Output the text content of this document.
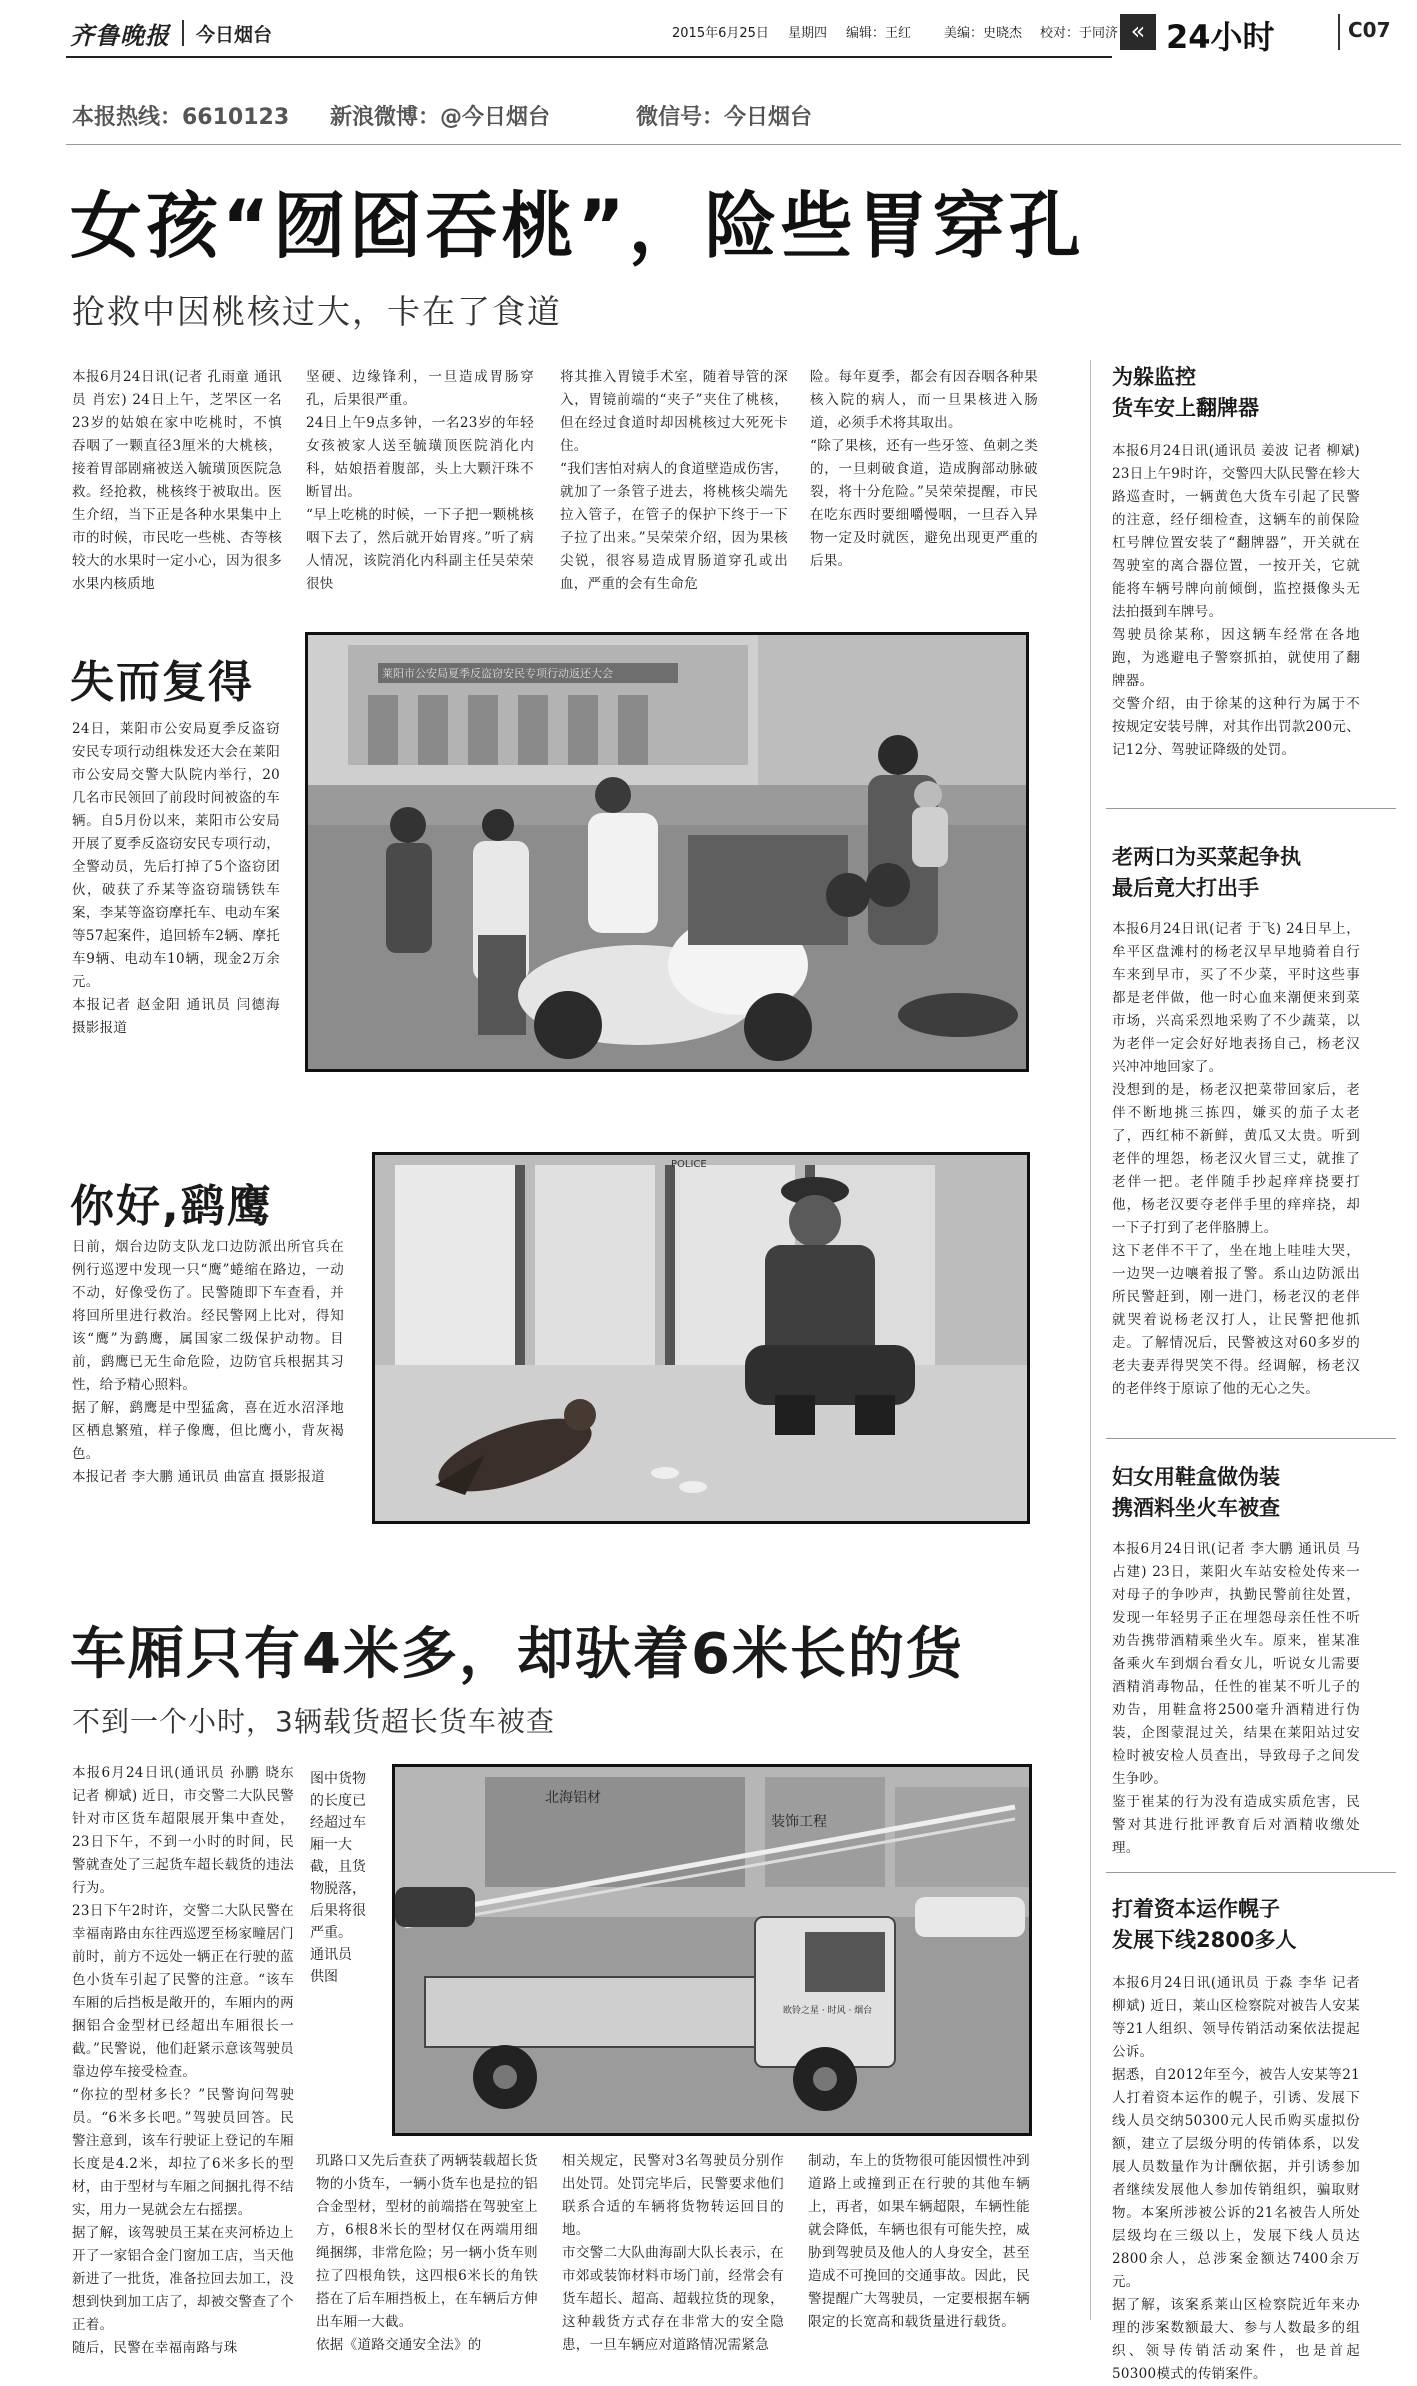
齐鲁晚报 今日烟台	2015年6月25日 星期四 编辑：王红	美编：史晓杰 校对：于同济 « 24小时	C07
本报热线：6610123 新浪微博：@今日烟台	微信号：今日烟台
女孩“囫囵吞桃”，险些胃穿孔
抢救中因桃核过大，卡在了食道
本报6月24日讯(记者 孔雨童 通讯员 肖宏) 24日上午，芝罘区一名23岁的姑娘在家中吃桃时，不慎吞咽了一颗直径3厘米的大桃核，接着胃部剧痛被送入毓璜顶医院急救。经抢救，桃核终于被取出。医生介绍，当下正是各种水果集中上市的时候，市民吃一些桃、杏等核较大的水果时一定小心，因为很多水果内核质地
坚硬、边缘锋利，一旦造成胃肠穿孔，后果很严重。
24日上午9点多钟，一名23岁的年轻女孩被家人送至毓璜顶医院消化内科，姑娘捂着腹部，头上大颗汗珠不断冒出。
“早上吃桃的时候，一下子把一颗桃核咽下去了，然后就开始胃疼。”听了病人情况，该院消化内科副主任吴荣荣很快
将其推入胃镜手术室，随着导管的深入，胃镜前端的“夹子”夹住了桃核，但在经过食道时却因桃核过大死死卡住。
“我们害怕对病人的食道壁造成伤害，就加了一条管子进去，将桃核尖端先拉入管子，在管子的保护下终于一下子拉了出来。”吴荣荣介绍，因为果核尖锐，很容易造成胃肠道穿孔或出血，严重的会有生命危
险。每年夏季，都会有因吞咽各种果核入院的病人，而一旦果核进入肠道，必须手术将其取出。
“除了果核，还有一些牙签、鱼刺之类的，一旦刺破食道，造成胸部动脉破裂，将十分危险。”吴荣荣提醒，市民在吃东西时要细嚼慢咽，一旦吞入异物一定及时就医，避免出现更严重的后果。
失而复得
24日，莱阳市公安局夏季反盗窃安民专项行动组株发还大会在莱阳市公安局交警大队院内举行，20几名市民领回了前段时间被盗的车辆。自5月份以来，莱阳市公安局开展了夏季反盗窃安民专项行动，全警动员，先后打掉了5个盗窃团伙，破获了乔某等盗窃瑞锈铁车案，李某等盗窃摩托车、电动车案等57起案件，追回轿车2辆、摩托车9辆、电动车10辆，现金2万余元。
本报记者 赵金阳 通讯员 闫德海 摄影报道
莱阳市公安局夏季反盗窃安民专项行动返还大会
你好,鹞鹰
日前，烟台边防支队龙口边防派出所官兵在例行巡逻中发现一只“鹰”蜷缩在路边，一动不动，好像受伤了。民警随即下车查看，并将回所里进行救治。经民警网上比对，得知该“鹰”为鹞鹰，属国家二级保护动物。目前，鹞鹰已无生命危险，边防官兵根据其习性，给予精心照料。
据了解，鹞鹰是中型猛禽，喜在近水沼泽地区栖息繁殖，样子像鹰，但比鹰小，背灰褐色。
本报记者 李大鹏 通讯员 曲富直 摄影报道
POLICE
车厢只有4米多，却驮着6米长的货
不到一个小时，3辆载货超长货车被查
本报6月24日讯(通讯员 孙鹏 晓东 记者 柳斌) 近日，市交警二大队民警针对市区货车超限展开集中查处，23日下午，不到一小时的时间，民警就查处了三起货车超长载货的违法行为。
23日下午2时许，交警二大队民警在幸福南路由东往西巡逻至杨家疃居门前时，前方不远处一辆正在行驶的蓝色小货车引起了民警的注意。“该车车厢的后挡板是敞开的，车厢内的两捆铝合金型材已经超出车厢很长一截。”民警说，他们赶紧示意该驾驶员靠边停车接受检查。
“你拉的型材多长？”民警询问驾驶员。“6米多长吧。”驾驶员回答。民警注意到，该车行驶证上登记的车厢长度是4.2米，却拉了6米多长的型材，由于型材与车厢之间捆扎得不结实，用力一晃就会左右摇摆。
据了解，该驾驶员王某在夹河桥边上开了一家铝合金门窗加工店，当天他新进了一批货，准备拉回去加工，没想到快到加工店了，却被交警查了个正着。
随后，民警在幸福南路与珠
图中货物的长度已经超过车厢一大截，且货物脱落，后果将很严重。
通讯员 供图
北海铝材
装饰工程
欧铃之星 · 时风 · 烟台
玑路口又先后查获了两辆装载超长货物的小货车，一辆小货车也是拉的铝合金型材，型材的前端搭在驾驶室上方，6根8米长的型材仅在两端用细绳捆绑，非常危险；另一辆小货车则拉了四根角铁，这四根6米长的角铁搭在了后车厢挡板上，在车辆后方伸出车厢一大截。
依据《道路交通安全法》的
相关规定，民警对3名驾驶员分别作出处罚。处罚完毕后，民警要求他们联系合适的车辆将货物转运回目的地。
市交警二大队曲海副大队长表示，在市郊或装饰材料市场门前，经常会有货车超长、超高、超载拉货的现象，这种载货方式存在非常大的安全隐患，一旦车辆应对道路情况需紧急
制动，车上的货物很可能因惯性冲到道路上或撞到正在行驶的其他车辆上，再者，如果车辆超限，车辆性能就会降低，车辆也很有可能失控，威胁到驾驶员及他人的人身安全，甚至造成不可挽回的交通事故。因此，民警提醒广大驾驶员，一定要根据车辆限定的长宽高和载货量进行载货。
为躲监控
货车安上翻牌器
本报6月24日讯(通讯员 姜波 记者 柳斌) 23日上午9时许，交警四大队民警在轸大路巡查时，一辆黄色大货车引起了民警的注意，经仔细检查，这辆车的前保险杠号牌位置安装了“翻牌器”，开关就在驾驶室的离合器位置，一按开关，它就能将车辆号牌向前倾倒，监控摄像头无法拍摄到车牌号。
驾驶员徐某称，因这辆车经常在各地跑，为逃避电子警察抓拍，就使用了翻牌器。
交警介绍，由于徐某的这种行为属于不按规定安装号牌，对其作出罚款200元、记12分、驾驶证降级的处罚。
老两口为买菜起争执
最后竟大打出手
本报6月24日讯(记者 于飞) 24日早上，牟平区盘滩村的杨老汉早早地骑着自行车来到早市，买了不少菜，平时这些事都是老伴做，他一时心血来潮便来到菜市场，兴高采烈地采购了不少蔬菜，以为老伴一定会好好地表扬自己，杨老汉兴冲冲地回家了。
没想到的是，杨老汉把菜带回家后，老伴不断地挑三拣四，嫌买的茄子太老了，西红柿不新鲜，黄瓜又太贵。听到老伴的埋怨，杨老汉火冒三丈，就推了老伴一把。老伴随手抄起痒痒挠要打他，杨老汉要夺老伴手里的痒痒挠，却一下子打到了老伴胳膊上。
这下老伴不干了，坐在地上哇哇大哭，一边哭一边嚷着报了警。系山边防派出所民警赶到，刚一进门，杨老汉的老伴就哭着说杨老汉打人，让民警把他抓走。了解情况后，民警被这对60多岁的老夫妻弄得哭笑不得。经调解，杨老汉的老伴终于原谅了他的无心之失。
妇女用鞋盒做伪装
携酒料坐火车被查
本报6月24日讯(记者 李大鹏 通讯员 马占建) 23日，莱阳火车站安检处传来一对母子的争吵声，执勤民警前往处置，发现一年轻男子正在埋怨母亲任性不听劝告携带酒精乘坐火车。原来，崔某准备乘火车到烟台看女儿，听说女儿需要酒精消毒物品，任性的崔某不听儿子的劝告，用鞋盒将2500毫升酒精进行伪装，企图蒙混过关，结果在莱阳站过安检时被安检人员查出，导致母子之间发生争吵。
鉴于崔某的行为没有造成实质危害，民警对其进行批评教育后对酒精收缴处理。
打着资本运作幌子
发展下线2800多人
本报6月24日讯(通讯员 于淼 李华 记者 柳斌) 近日，莱山区检察院对被告人安某等21人组织、领导传销活动案依法提起公诉。
据悉，自2012年至今，被告人安某等21人打着资本运作的幌子，引诱、发展下线人员交纳50300元人民币购买虚拟份额，建立了层级分明的传销体系，以发展人员数量作为计酬依据，并引诱参加者继续发展他人参加传销组织，骗取财物。本案所涉被公诉的21名被告人所处层级均在三级以上，发展下线人员达2800余人，总涉案金额达7400余万元。
据了解，该案系莱山区检察院近年来办理的涉案数额最大、参与人数最多的组织、领导传销活动案件，也是首起50300模式的传销案件。
